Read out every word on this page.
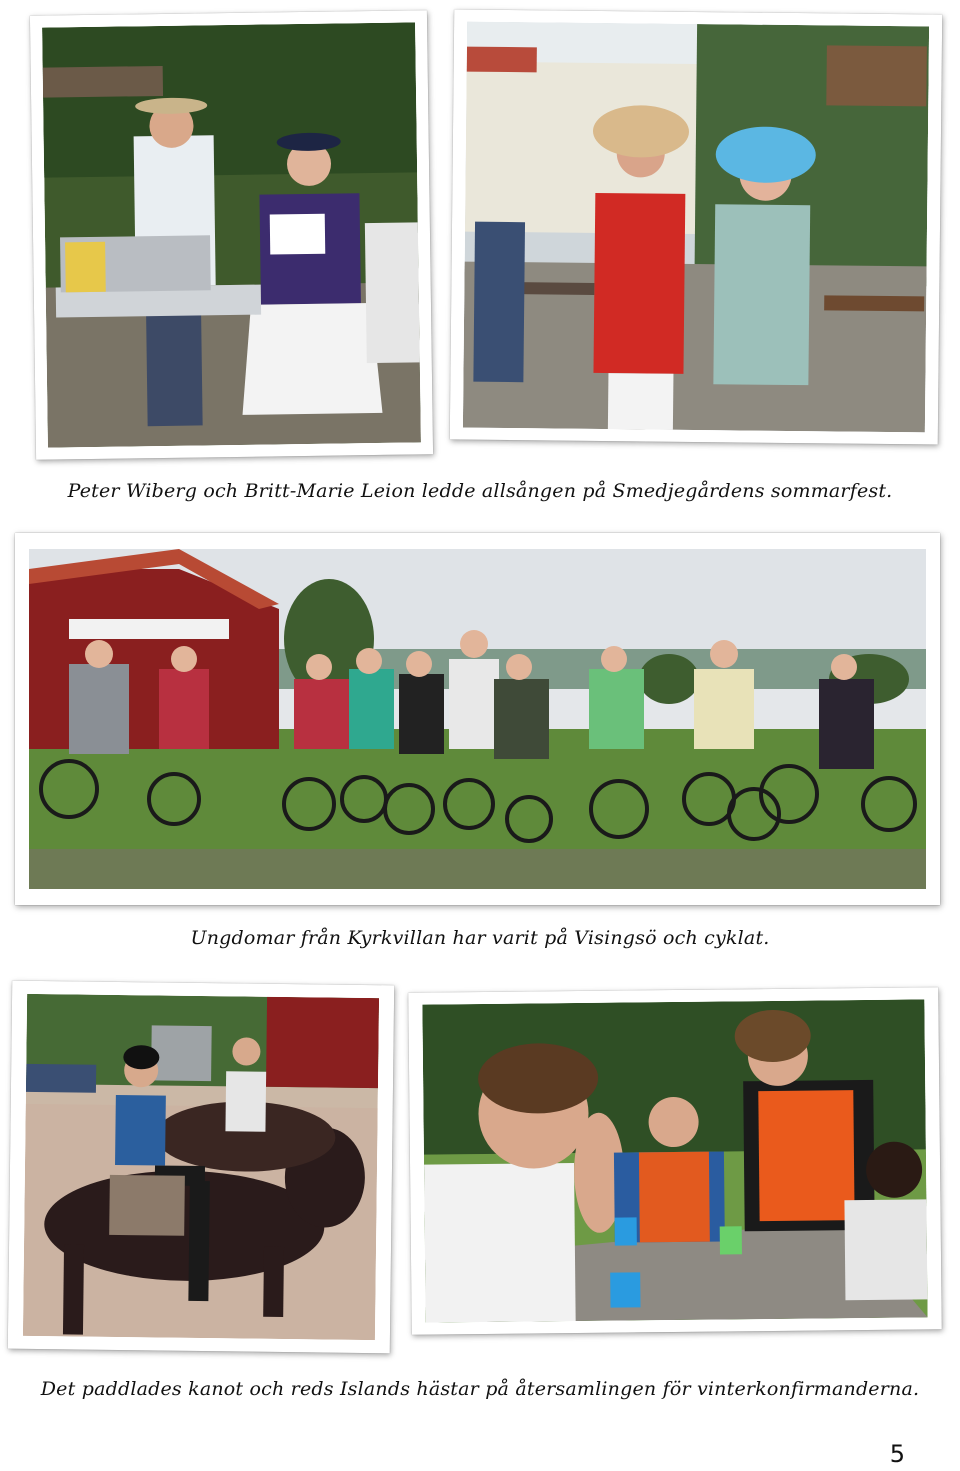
Peter Wiberg och Britt-Marie Leion ledde allsången på Smedjegårdens sommarfest.
Ungdomar från Kyrkvillan har varit på Visingsö och cyklat.
Det paddlades kanot och reds Islands hästar på återsamlingen för vinterkonfirmanderna.
5
